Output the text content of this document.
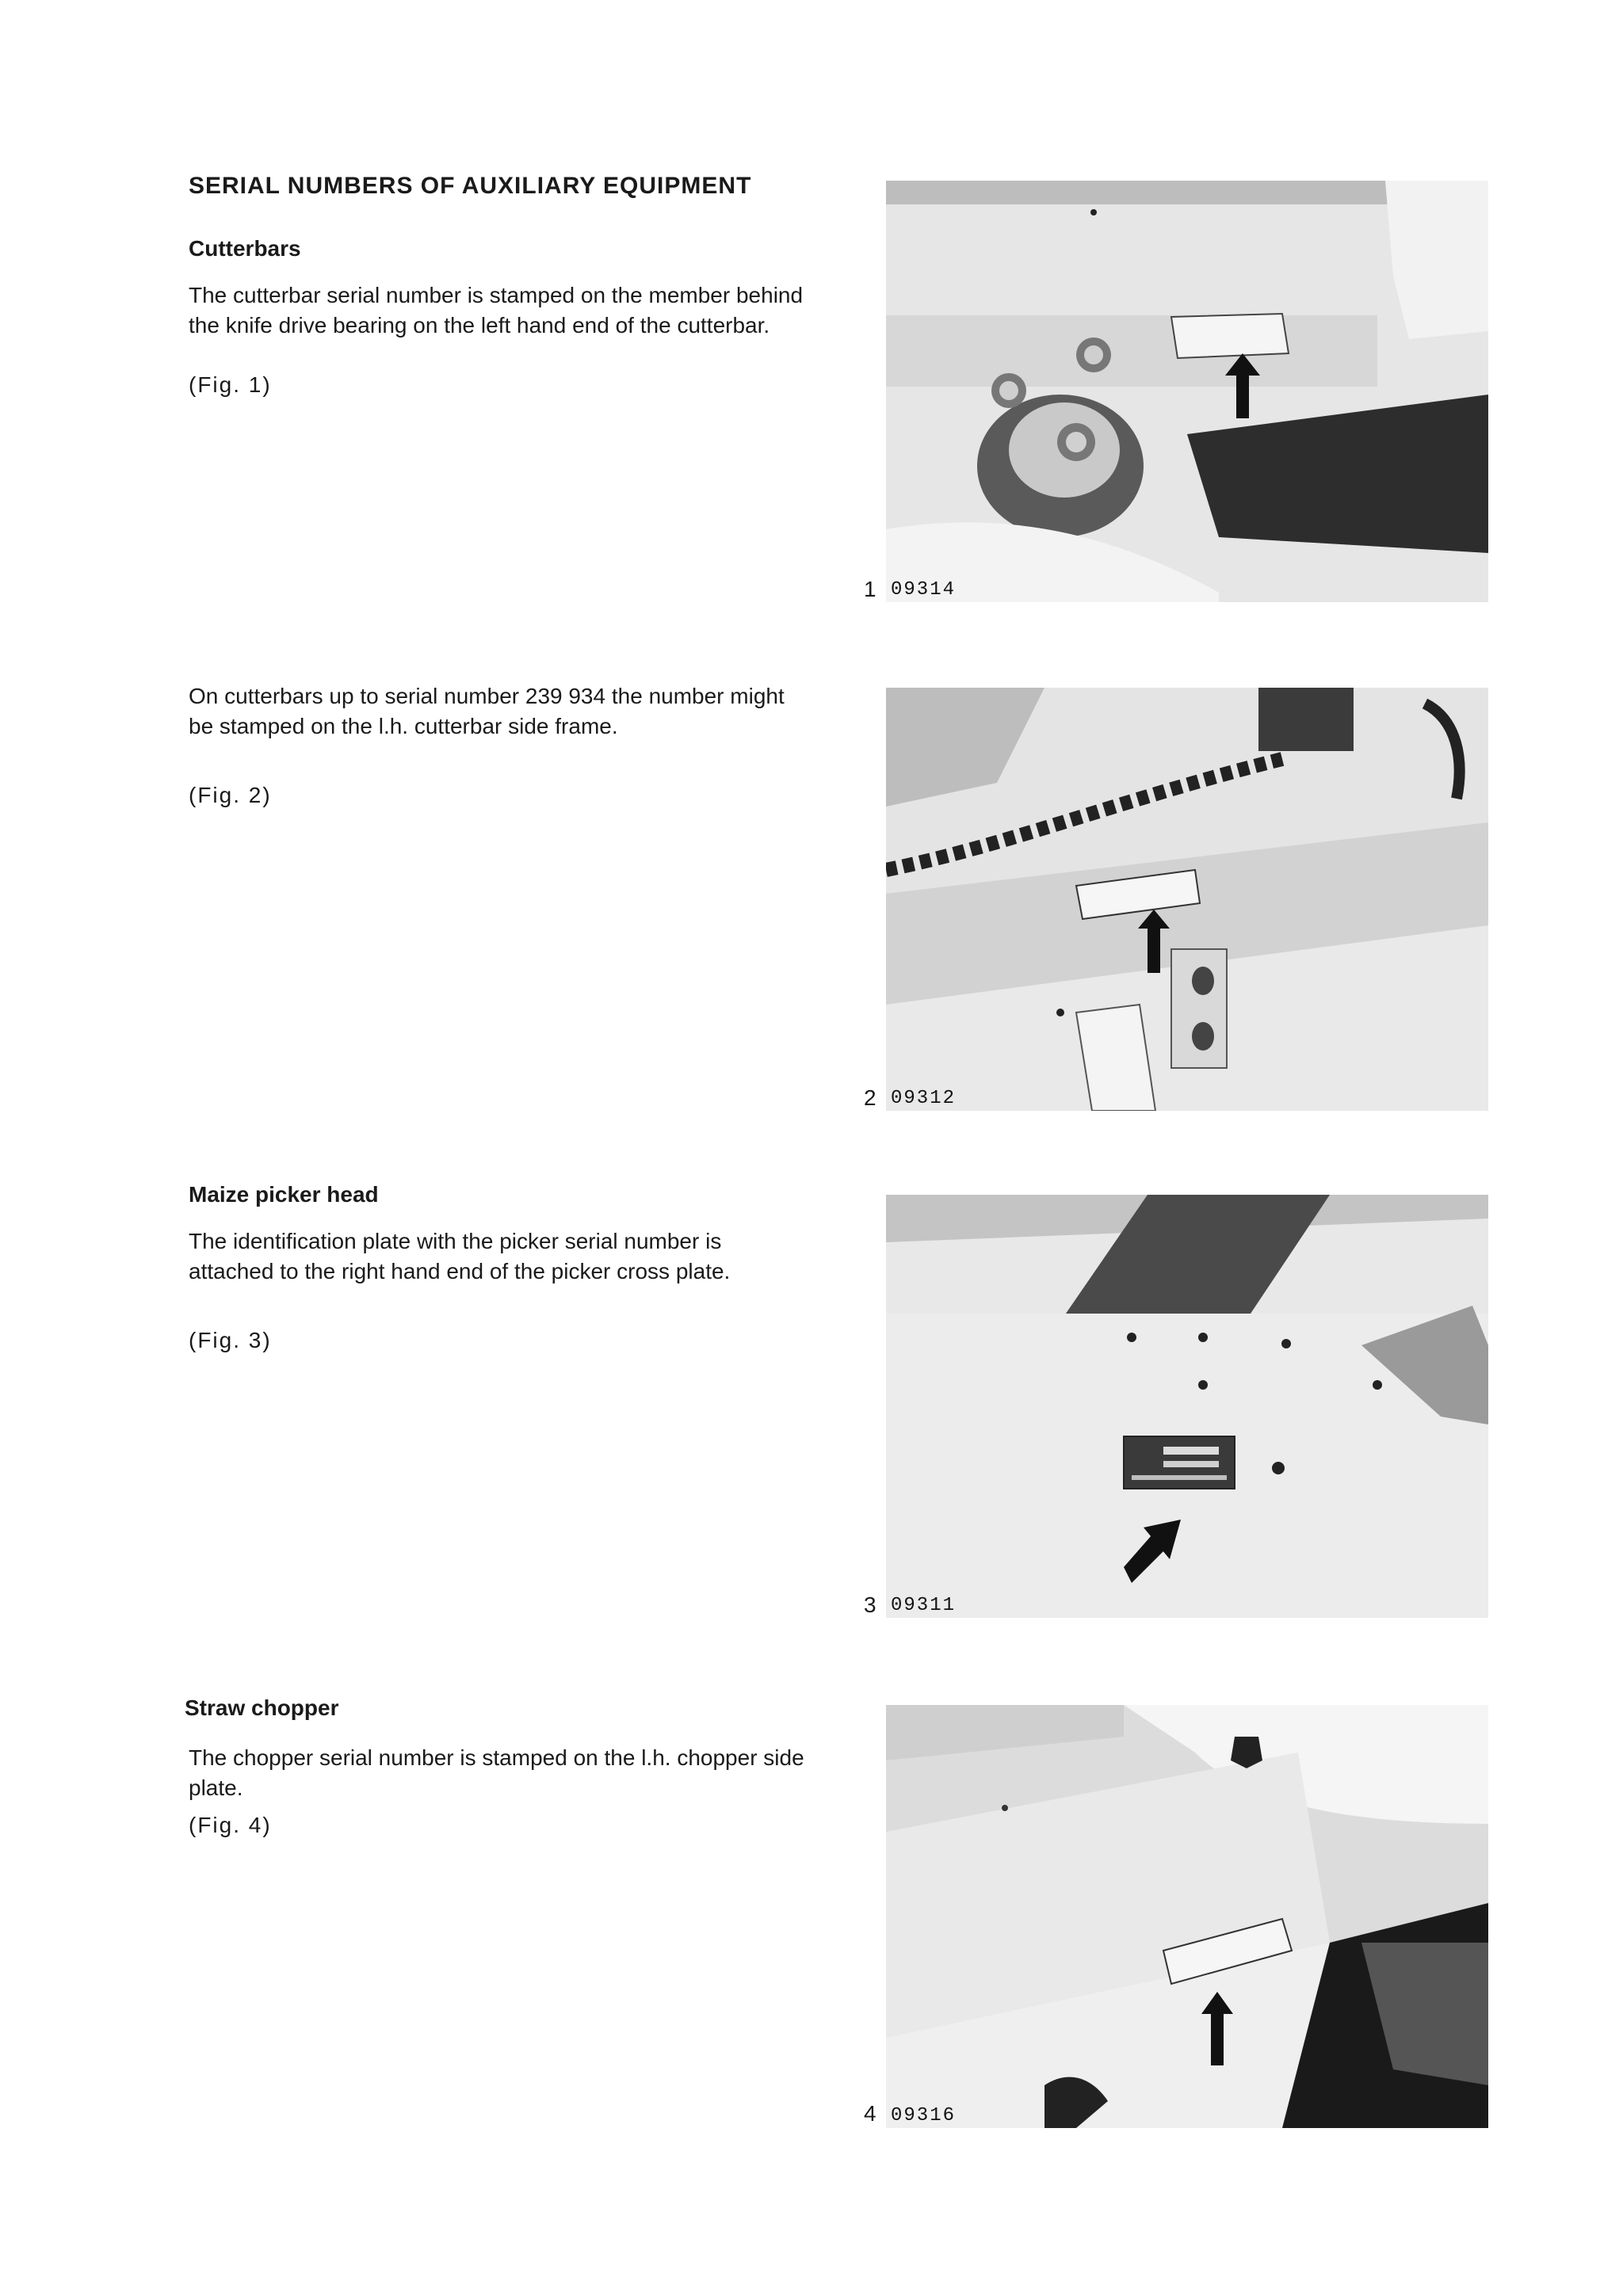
SERIAL NUMBERS OF AUXILIARY EQUIPMENT
Cutterbars
The cutterbar serial number is stamped on the member behind the knife drive bearing on the left hand end of the cutterbar.
(Fig. 1)
09314
1
On cutterbars up to serial number 239 934 the number might be stamped on the l.h. cutterbar side frame.
(Fig. 2)
09312
2
Maize picker head
The identification plate with the picker serial number is attached to the right hand end of the picker cross plate.
(Fig. 3)
09311
3
Straw chopper
The chopper serial number is stamped on the l.h. chopper side plate.
(Fig. 4)
09316
4
